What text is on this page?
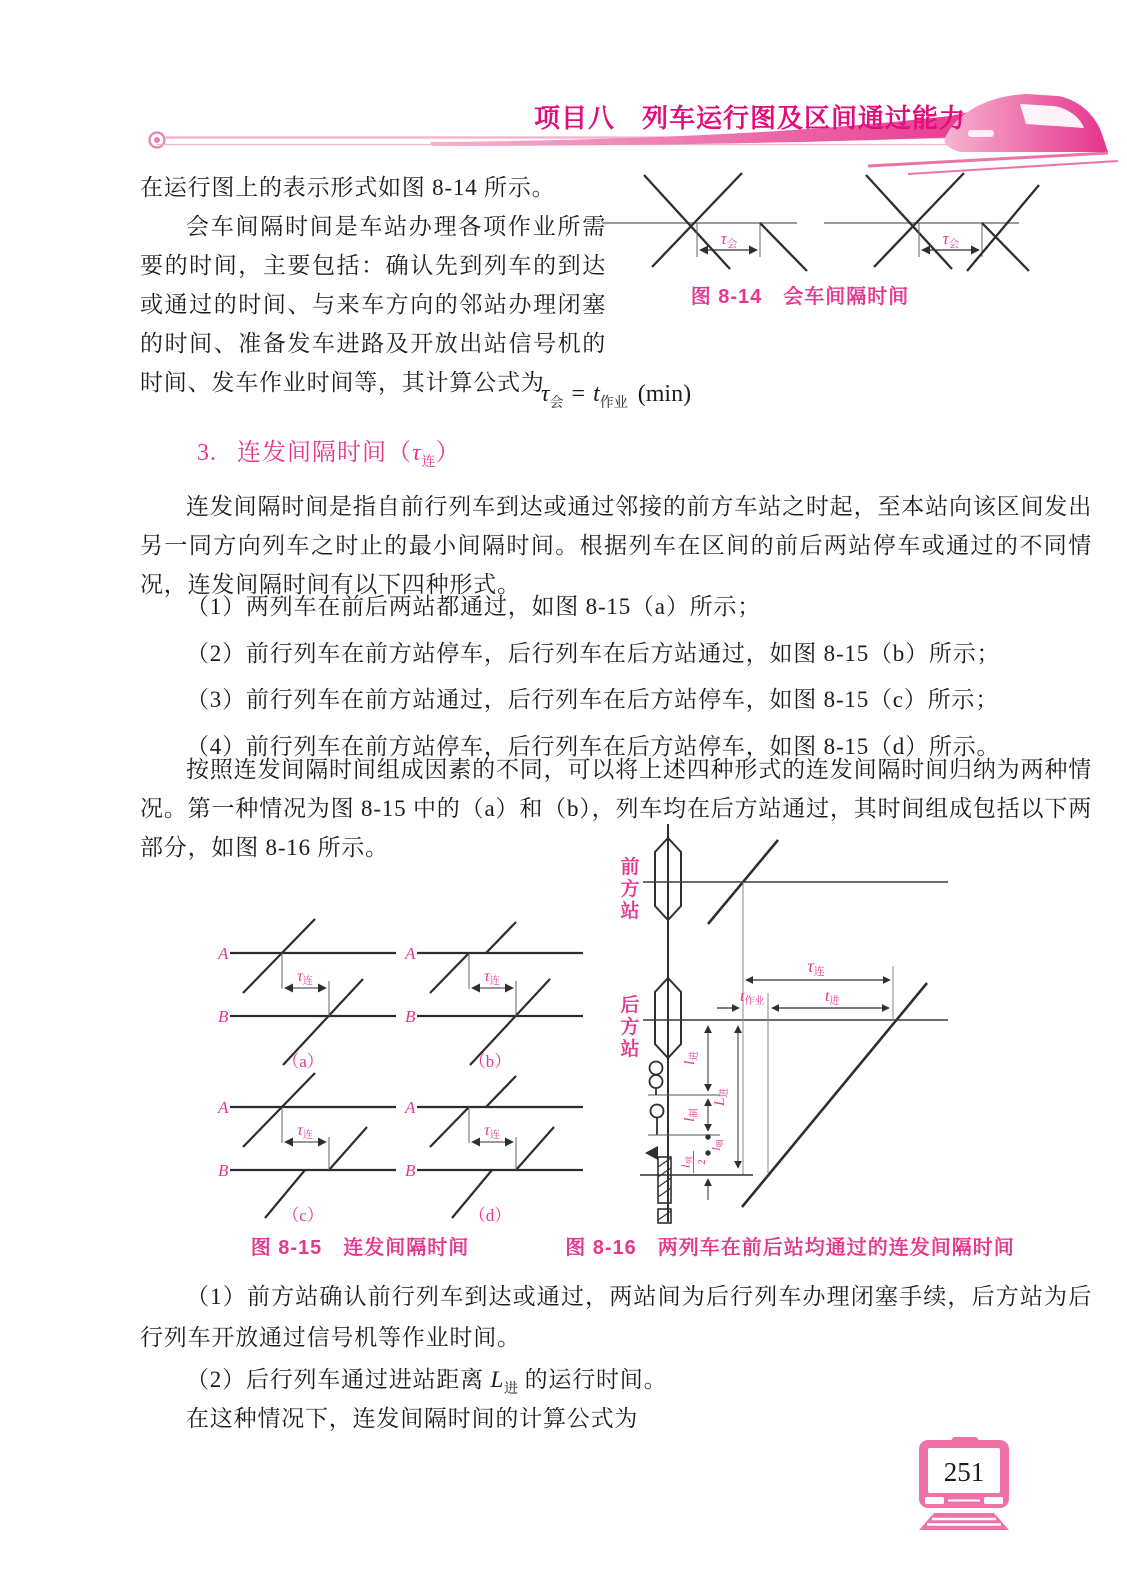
项目八　列车运行图及区间通过能力

在运行图上的表示形式如图 8-14 所示。

会车间隔时间是车站办理各项作业所需要的时间，主要包括：确认先到列车的到达或通过的时间、与来车方向的邻站办理闭塞的时间、准备发车进路及开放出站信号机的时间、发车作业时间等，其计算公式为

τ会	τ会
图 8-14　会车间隔时间
$\tau_会 = t_{作业}$ (min)
3. 连发间隔时间$(\tau_连)$

连发间隔时间是指自前行列车到达或通过邻接的前方车站之时起，至本站向该区间发出另一同方向列车之时止的最小间隔时间。根据列车在区间的前后两站停车或通过的不同情况，连发间隔时间有以下四种形式。

（1）两列车在前后两站都通过，如图 8-15（a）所示；
（2）前行列车在前方站停车，后行列车在后方站通过，如图 8-15（b）所示；
（3）前行列车在前方站通过，后行列车在后方站停车，如图 8-15（c）所示；
（4）前行列车在前方站停车，后行列车在后方站停车，如图 8-15（d）所示。

按照连发间隔时间组成因素的不同，可以将上述四种形式的连发间隔时间归纳为两种情况。第一种情况为图 8-15 中的（a）和（b），列车均在后方站通过，其时间组成包括以下两部分，如图 8-16 所示。

A
B
τ连
（a）
A
B
τ连
（b）
A
B
τ连
（c）
A
B
τ连
（d）
图 8-15　连发间隔时间
τ连
t作业	t进
l进
l制
l咽
l列 2
L进
前方站
后方站
图 8-16　两列车在前后站均通过的连发间隔时间

（1）前方站确认前行列车到达或通过，两站间为后行列车办理闭塞手续，后方站为后行列车开放通过信号机等作业时间。

（2）后行列车通过进站距离 $L_进$ 的运行时间。

在这种情况下，连发间隔时间的计算公式为

251
